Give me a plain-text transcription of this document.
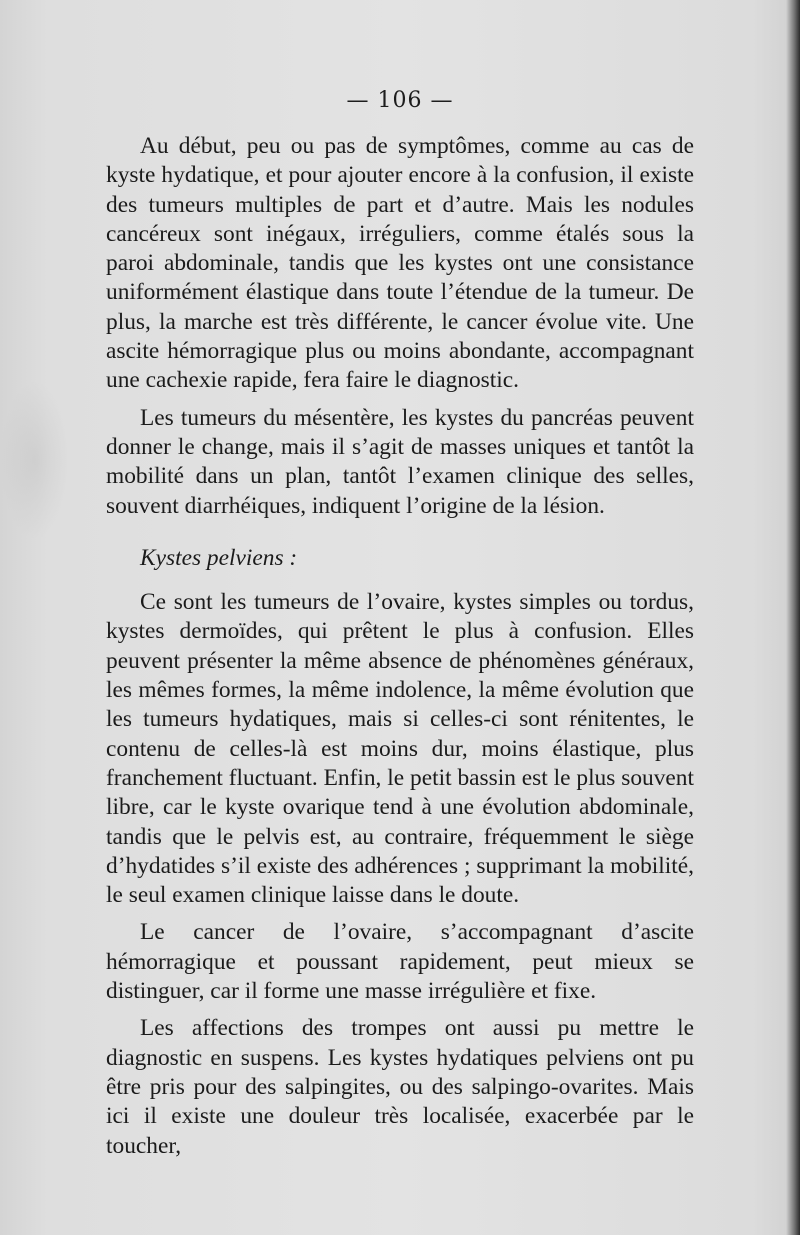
— 106 —

Au début, peu ou pas de symptômes, comme au cas de kyste hydatique, et pour ajouter encore à la confusion, il existe des tumeurs multiples de part et d’autre. Mais les nodules cancéreux sont inégaux, irréguliers, comme étalés sous la paroi abdominale, tandis que les kystes ont une consistance uniformément élastique dans toute l’étendue de la tumeur. De plus, la marche est très différente, le cancer évolue vite. Une ascite hémorragique plus ou moins abondante, accompagnant une cachexie rapide, fera faire le diagnostic.

Les tumeurs du mésentère, les kystes du pancréas peuvent donner le change, mais il s’agit de masses uniques et tantôt la mobilité dans un plan, tantôt l’examen clinique des selles, souvent diarrhéiques, indiquent l’origine de la lésion.

Kystes pelviens :

Ce sont les tumeurs de l’ovaire, kystes simples ou tordus, kystes dermoïdes, qui prêtent le plus à confusion. Elles peuvent présenter la même absence de phénomènes généraux, les mêmes formes, la même indolence, la même évolution que les tumeurs hydatiques, mais si celles-ci sont rénitentes, le contenu de celles-là est moins dur, moins élastique, plus franchement fluctuant. Enfin, le petit bassin est le plus souvent libre, car le kyste ovarique tend à une évolution abdominale, tandis que le pelvis est, au contraire, fréquemment le siège d’hydatides s’il existe des adhérences ; supprimant la mobilité, le seul examen clinique laisse dans le doute.

Le cancer de l’ovaire, s’accompagnant d’ascite hémorragique et poussant rapidement, peut mieux se distinguer, car il forme une masse irrégulière et fixe.

Les affections des trompes ont aussi pu mettre le diagnostic en suspens. Les kystes hydatiques pelviens ont pu être pris pour des salpingites, ou des salpingo-ovarites. Mais ici il existe une douleur très localisée, exacerbée par le toucher,
